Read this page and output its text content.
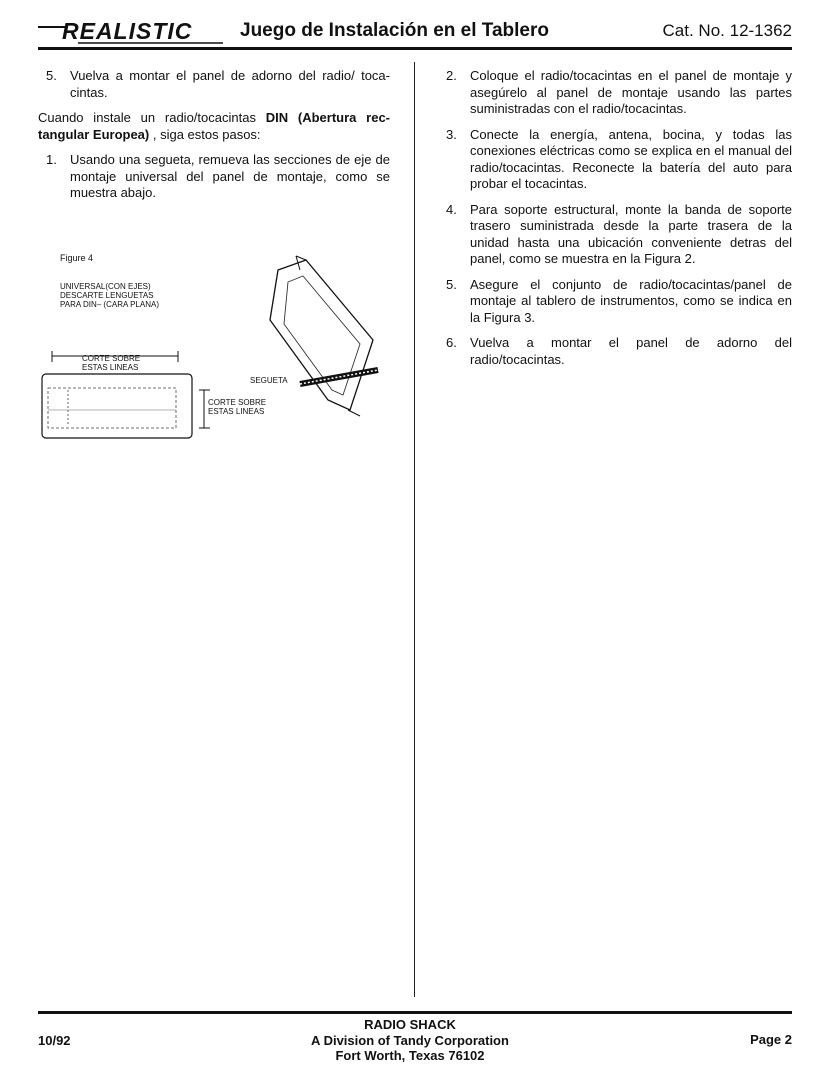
REALISTIC	Juego de Instalación en el Tablero	Cat. No. 12-1362
5.	Vuelva a montar el panel de adorno del radio/ toca-cintas.

Cuando instale un radio/tocacintas DIN (Abertura rec-tangular Europea) , siga estos pasos:

1.	Usando una segueta, remueva las secciones de eje de montaje universal del panel de montaje, como se muestra abajo.
Figure 4
UNIVERSAL(CON EJES)
DESCARTE LENGUETAS
PARA DIN– (CARA PLANA)
CORTE SOBRE
ESTAS LINEAS
CORTE SOBRE
ESTAS LINEAS
SEGUETA
2.	Coloque el radio/tocacintas en el panel de montaje y asegúrelo al panel de montaje usando las partes suministradas con el radio/tocacintas.
3.	Conecte la energía, antena, bocina, y todas las conexiones eléctricas como se explica en el manual del radio/tocacintas. Reconecte la batería del auto para probar el tocacintas.
4.	Para soporte estructural, monte la banda de soporte trasero suministrada desde la parte trasera de la unidad hasta una ubicación conveniente detras del panel, como se muestra en la Figura 2.
5.	Asegure el conjunto de radio/tocacintas/panel de montaje al tablero de instrumentos, como se indica en la Figura 3.
6.	Vuelva a montar el panel de adorno del radio/tocacintas.
10/92
RADIO SHACK
A Division of Tandy Corporation
Fort Worth, Texas 76102
Page 2
